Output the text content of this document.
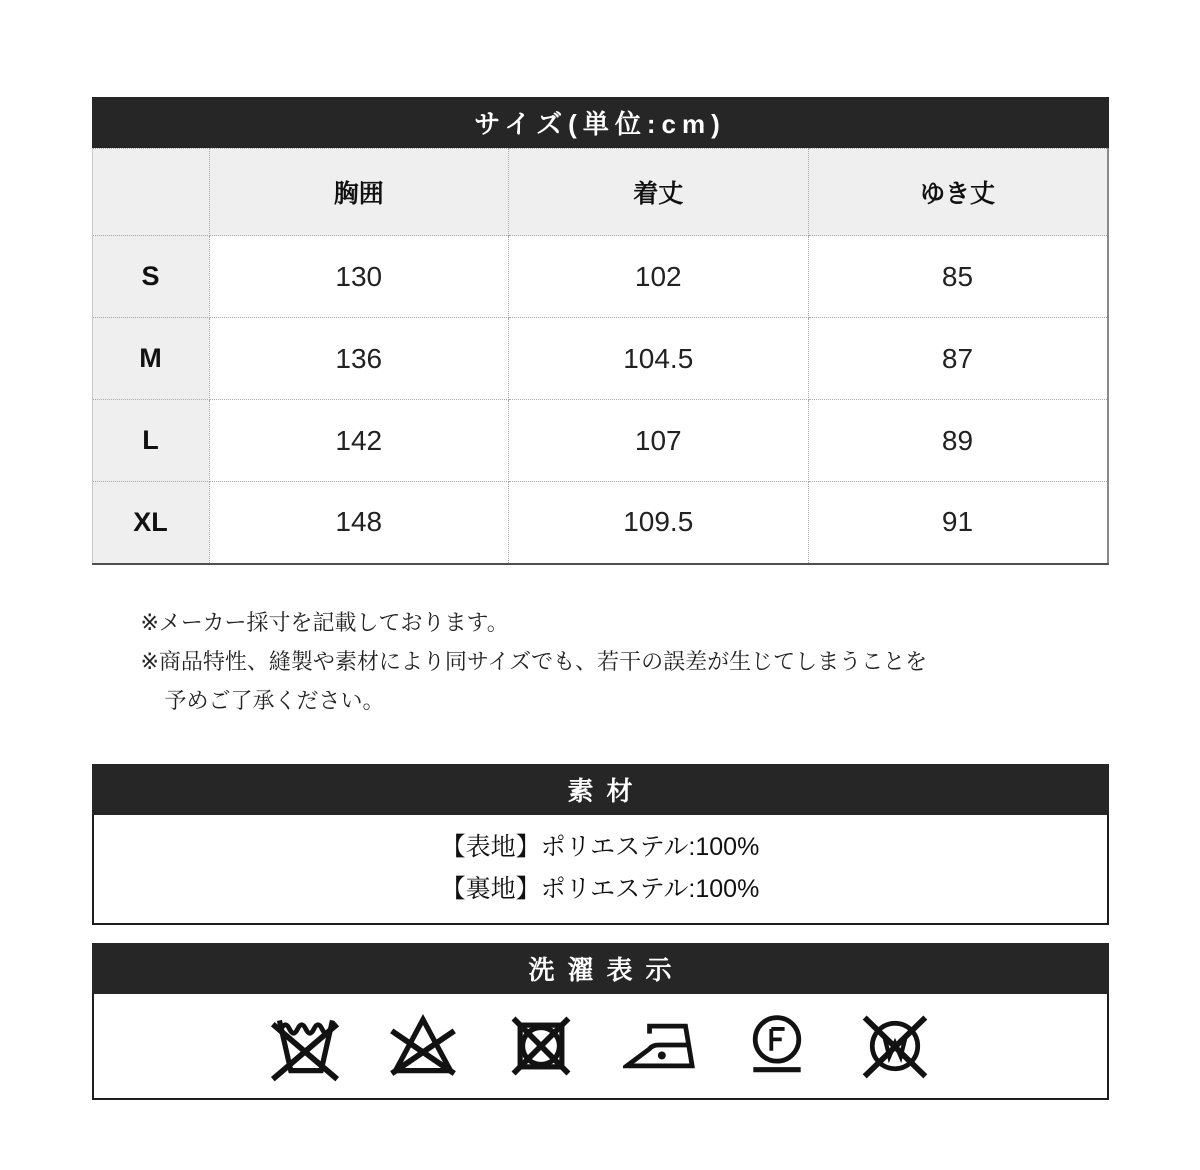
サイズ(単位:cm)
	胸囲	着丈	ゆき丈
S	130	102	85
M	136	104.5	87
L	142	107	89
XL	148	109.5	91

※メーカー採寸を記載しております。

※商品特性、縫製や素材により同サイズでも、若干の誤差が生じてしまうことを

予めご了承ください。

素材

【表地】ポリエステル:100%

【裏地】ポリエステル:100%

洗濯表示
